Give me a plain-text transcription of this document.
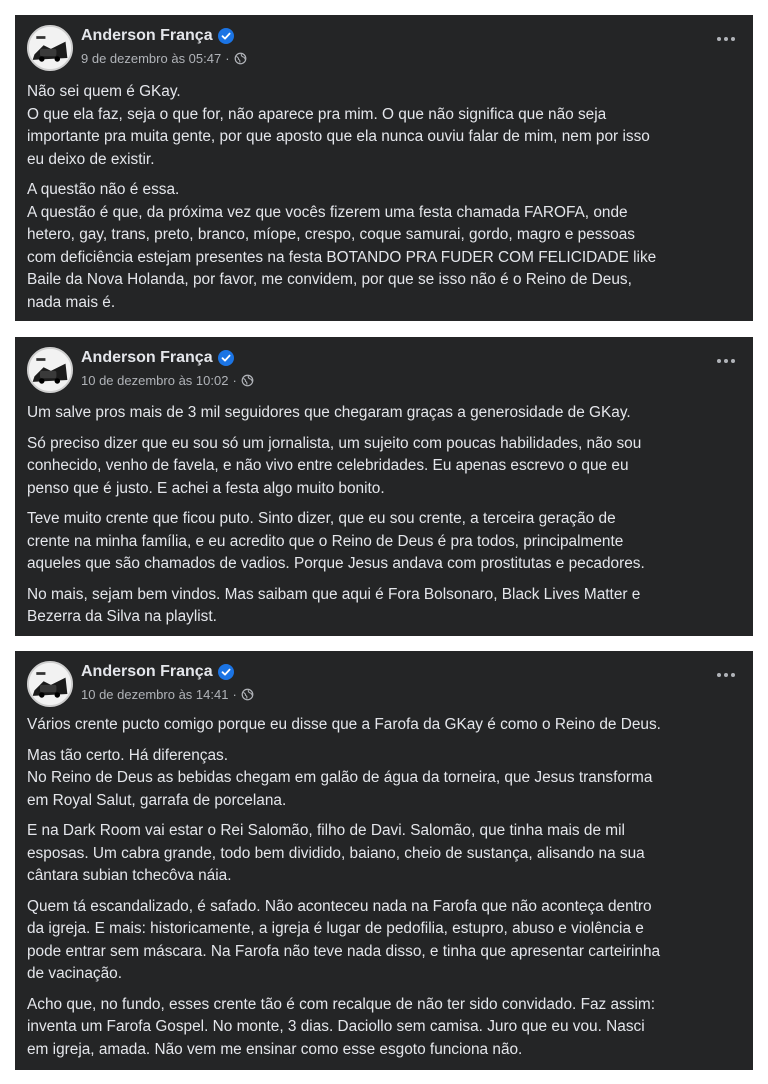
Anderson França
9 de dezembro às 05:47 ·
Não sei quem é GKay.
O que ela faz, seja o que for, não aparece pra mim. O que não significa que não seja
importante pra muita gente, por que aposto que ela nunca ouviu falar de mim, nem por isso
eu deixo de existir.
A questão não é essa.
A questão é que, da próxima vez que vocês fizerem uma festa chamada FAROFA, onde
hetero, gay, trans, preto, branco, míope, crespo, coque samurai, gordo, magro e pessoas
com deficiência estejam presentes na festa BOTANDO PRA FUDER COM FELICIDADE like
Baile da Nova Holanda, por favor, me convidem, por que se isso não é o Reino de Deus,
nada mais é.
Anderson França
10 de dezembro às 10:02 ·
Um salve pros mais de 3 mil seguidores que chegaram graças a generosidade de GKay.
Só preciso dizer que eu sou só um jornalista, um sujeito com poucas habilidades, não sou
conhecido, venho de favela, e não vivo entre celebridades. Eu apenas escrevo o que eu
penso que é justo. E achei a festa algo muito bonito.
Teve muito crente que ficou puto. Sinto dizer, que eu sou crente, a terceira geração de
crente na minha família, e eu acredito que o Reino de Deus é pra todos, principalmente
aqueles que são chamados de vadios. Porque Jesus andava com prostitutas e pecadores.
No mais, sejam bem vindos. Mas saibam que aqui é Fora Bolsonaro, Black Lives Matter e
Bezerra da Silva na playlist.
Anderson França
10 de dezembro às 14:41 ·
Vários crente pucto comigo porque eu disse que a Farofa da GKay é como o Reino de Deus.
Mas tão certo. Há diferenças.
No Reino de Deus as bebidas chegam em galão de água da torneira, que Jesus transforma
em Royal Salut, garrafa de porcelana.
E na Dark Room vai estar o Rei Salomão, filho de Davi. Salomão, que tinha mais de mil
esposas. Um cabra grande, todo bem dividido, baiano, cheio de sustança, alisando na sua
cântara subian tchecôva náia.
Quem tá escandalizado, é safado. Não aconteceu nada na Farofa que não aconteça dentro
da igreja. E mais: historicamente, a igreja é lugar de pedofilia, estupro, abuso e violência e
pode entrar sem máscara. Na Farofa não teve nada disso, e tinha que apresentar carteirinha
de vacinação.
Acho que, no fundo, esses crente tão é com recalque de não ter sido convidado. Faz assim:
inventa um Farofa Gospel. No monte, 3 dias. Daciollo sem camisa. Juro que eu vou. Nasci
em igreja, amada. Não vem me ensinar como esse esgoto funciona não.
